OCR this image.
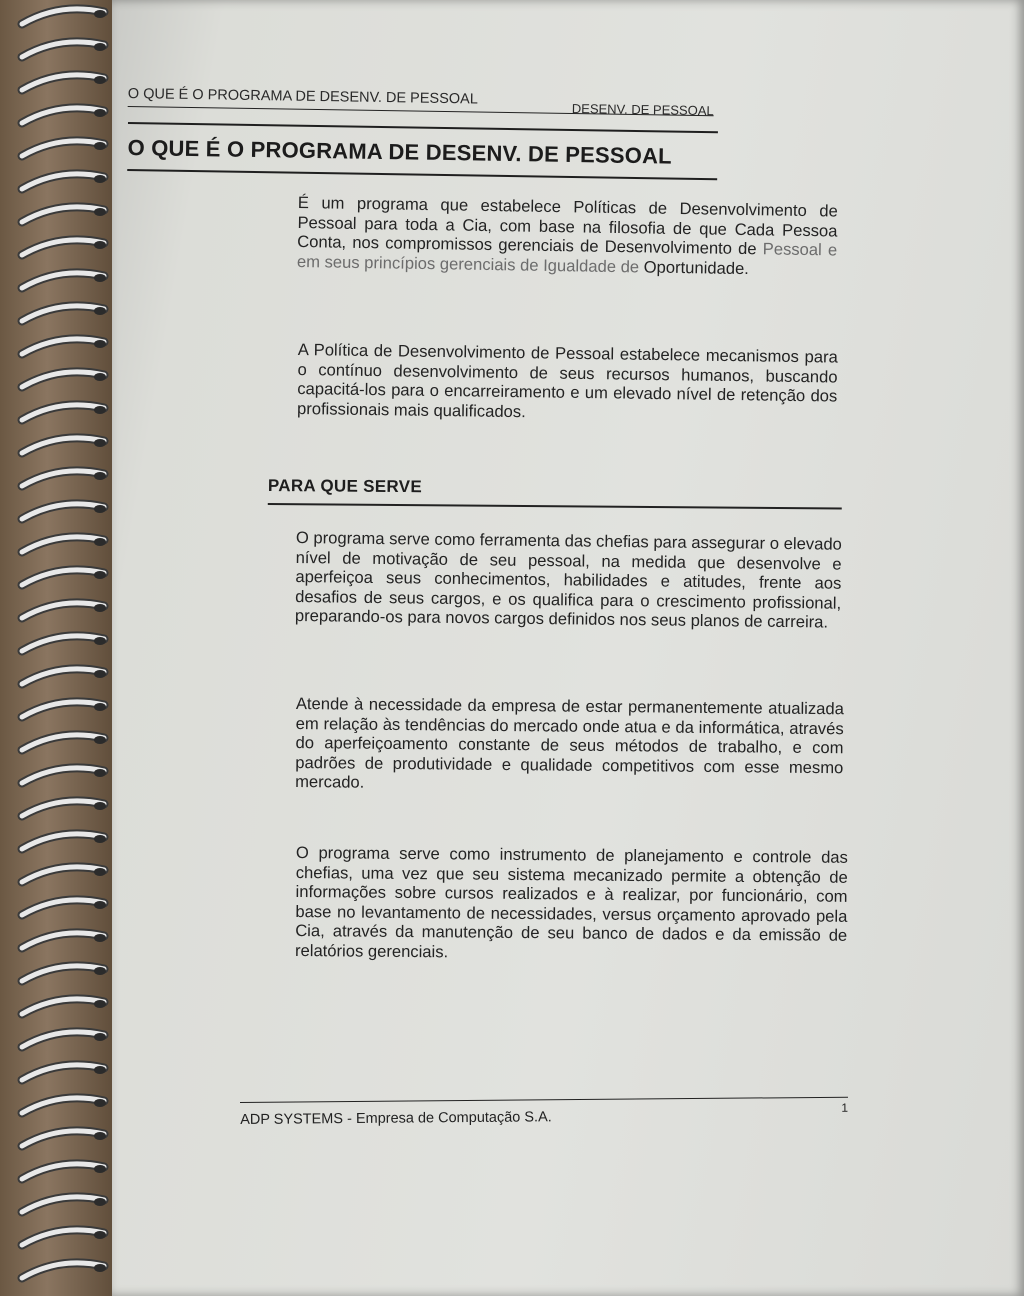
O QUE É O PROGRAMA DE DESENV. DE PESSOAL
DESENV. DE PESSOAL
O QUE É O PROGRAMA DE DESENV. DE PESSOAL
É um programa que estabelece Políticas de Desenvolvimento de Pessoal para toda a Cia, com base na filosofia de que Cada Pessoa Conta, nos compromissos gerenciais de Desenvolvimento de Pessoal e em seus princípios gerenciais de Igualdade de Oportunidade.
A Política de Desenvolvimento de Pessoal estabelece mecanismos para o contínuo desenvolvimento de seus recursos humanos, buscando capacitá-los para o encarreiramento e um elevado nível de retenção dos profissionais mais qualificados.
PARA QUE SERVE
O programa serve como ferramenta das chefias para assegurar o elevado nível de motivação de seu pessoal, na medida que desenvolve e aperfeiçoa seus conhecimentos, habilidades e atitudes, frente aos desafios de seus cargos, e os qualifica para o crescimento profissional, preparando-os para novos cargos definidos nos seus planos de carreira.
Atende à necessidade da empresa de estar permanentemente atualizada em relação às tendências do mercado onde atua e da informática, através do aperfeiçoamento constante de seus métodos de trabalho, e com padrões de produtividade e qualidade competitivos com esse mesmo mercado.
O programa serve como instrumento de planejamento e controle das chefias, uma vez que seu sistema mecanizado permite a obtenção de informações sobre cursos realizados e à realizar, por funcionário, com base no levantamento de necessidades, versus orçamento aprovado pela Cia, através da manutenção de seu banco de dados e da emissão de relatórios gerenciais.
ADP SYSTEMS - Empresa de Computação S.A.
1
